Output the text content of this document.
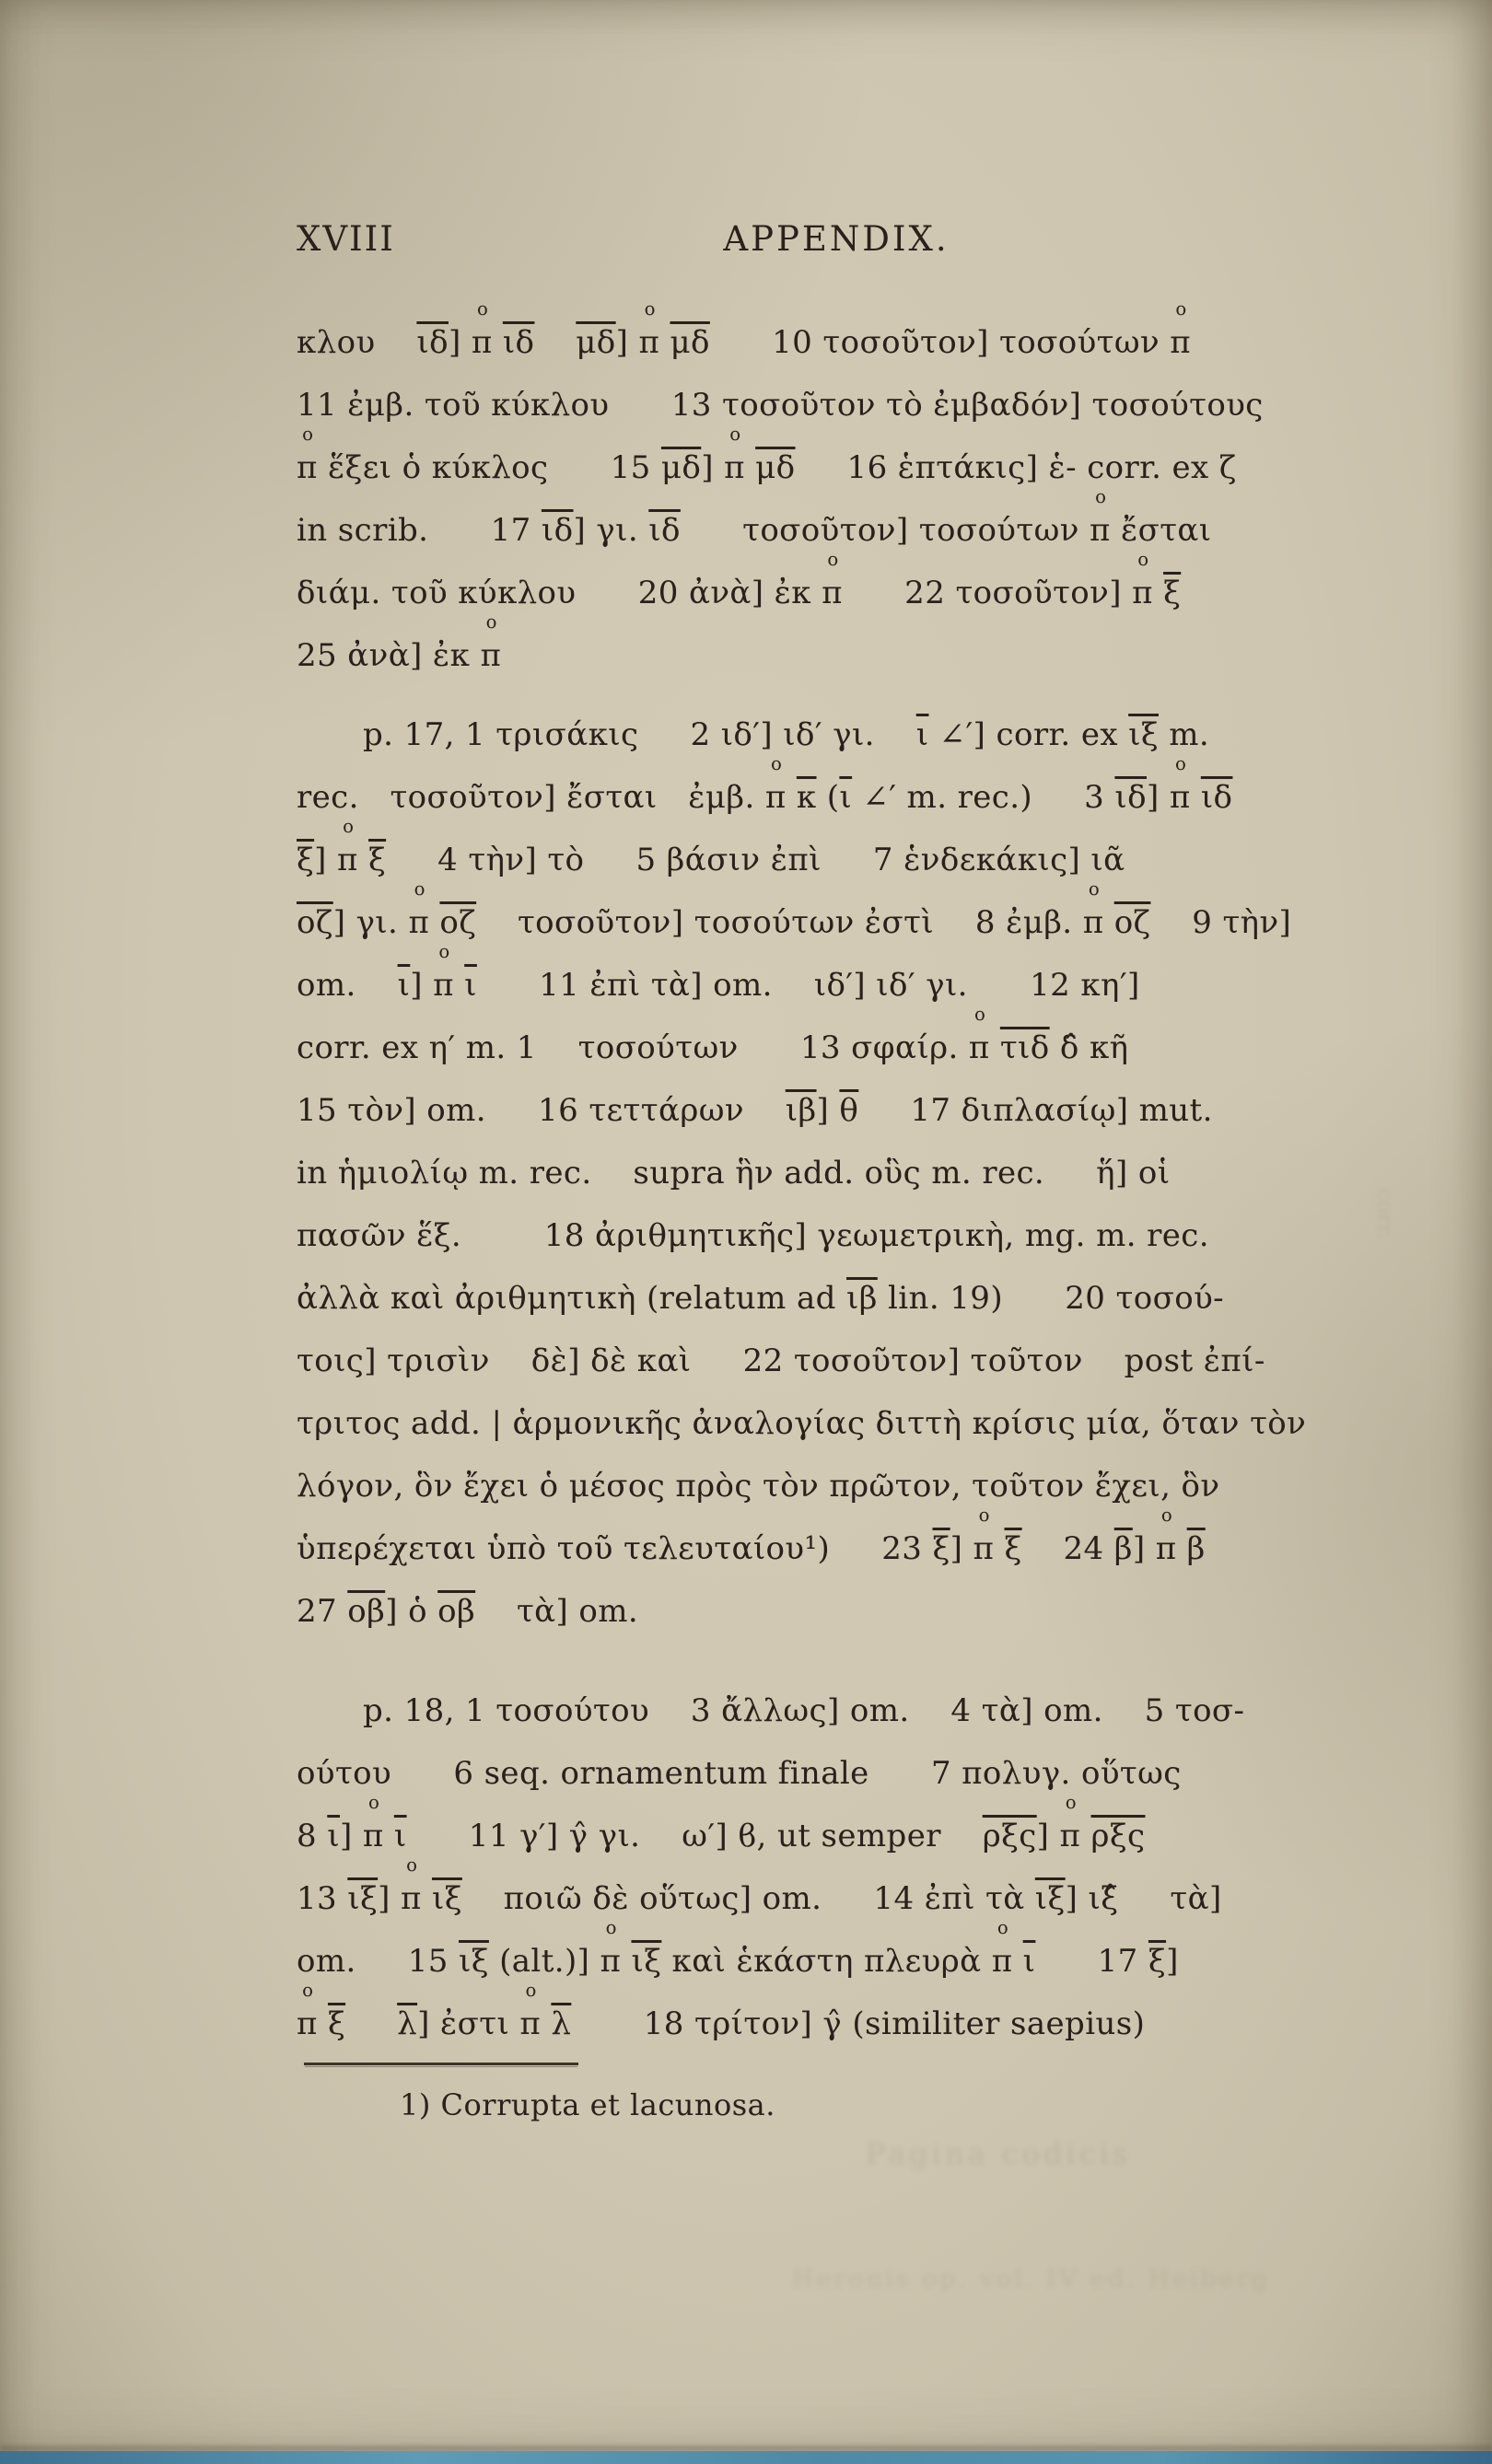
XVIII	APPENDIX.
κλου    $\overline{\iota\delta}$] π
o
$\overline{\iota\delta}$ $\overline{\mu\delta}$] π
o
$\overline{\mu\delta}$      10 τοσοῦτον] τοσούτων π
o
11 ἐμβ. τοῦ κύκλου      13 τοσοῦτον τὸ ἐμβαδόν] τοσούτους
π
o
ἕξει ὁ κύκλος      15 $\overline{\mu\delta}$] π
o
$\overline{\mu\delta}$     16 ἑπτάκις] ἑ- corr. ex ζ
in scrib.      17 $\overline{\iota\delta}$] γι. $\overline{\iota\delta}$      τοσοῦτον] τοσούτων π
o
ἔσται
διάμ. τοῦ κύκλου      20 ἀνὰ] ἐκ π
o
22 τοσοῦτον] π
o
$\overline{\xi}$
25 ἀνὰ] ἐκ π
o
p. 17, 1 τρισάκις     2 ιδ′] ιδ′ γι.    $\overline{\iota}$ ∠′] corr. ex $\overline{\iota\xi}$ m.
rec.   τοσοῦτον] ἔσται   ἐμβ. π
o
$\overline{\kappa}$ ($\overline{\iota}$ ∠′ m. rec.)     3 $\overline{\iota\delta}$] π
o
$\overline{\iota\delta}$
$\overline{\xi}$] π
o
$\overline{\xi}$     4 τὴν] τὸ     5 βάσιν ἐπὶ     7 ἑνδεκάκις] ιᾶ
$\overline{o\zeta}$] γι. π
o
$\overline{o\zeta}$    τοσοῦτον] τοσούτων ἐστὶ    8 ἐμβ. π
o
$\overline{o\zeta}$    9 τὴν]
om.    $\overline{\iota}$] π
o
$\overline{\iota}$      11 ἐπὶ τὰ] om.    ιδ′] ιδ′ γι.      12 κη′]
corr. ex η′ m. 1    τοσούτων      13 σφαίρ. π
o
$\overline{\tau\iota\delta}$ δ̂ κῆ
15 τὸν] om.     16 τεττάρων    $\overline{\iota\beta}$] $\overline{\theta}$     17 διπλασίῳ] mut.
in ἡμιολίῳ m. rec.    supra ἣν add. οὓς m. rec.     ἥ] οἱ
πασῶν ἕξ.        18 ἀριθμητικῆς] γεωμετρικὴ, mg. m. rec.
ἀλλὰ καὶ ἀριθμητικὴ (relatum ad $\overline{\iota\beta}$ lin. 19)      20 τοσού-
τοις] τρισὶν    δὲ] δὲ καὶ     22 τοσοῦτον] τοῦτον    post ἐπί-
τριτος add. | ἁρμονικῆς ἀναλογίας διττὴ κρίσις μία, ὅταν τὸν
λόγον, ὃν ἔχει ὁ μέσος πρὸς τὸν πρῶτον, τοῦτον ἔχει, ὃν
ὑπερέχεται ὑπὸ τοῦ τελευταίου¹)     23 $\overline{\xi}$] π
o
$\overline{\xi}$    24 $\overline{\beta}$] π
o
$\overline{\beta}$
27 $\overline{o\beta}$] ὁ $\overline{o\beta}$    τὰ] om.
p. 18, 1 τοσούτου    3 ἄλλως] om.    4 τὰ] om.    5 τοσ-
ούτου      6 seq. ornamentum finale      7 πολυγ. οὕτως
8 $\overline{\iota}$] π
o
$\overline{\iota}$      11 γ′] γ̂ γι.    ω′] ϐ, ut semper    $\overline{\rho\xi\varsigma}$] π
o
$\overline{\rho\xi\varsigma}$
13 $\overline{\iota\xi}$] π
o
$\overline{\iota\xi}$    ποιῶ δὲ οὕτως] om.     14 ἐπὶ τὰ $\overline{\iota\xi}$] ιξ̂     τὰ]
om.     15 $\overline{\iota\xi}$ (alt.)] π
o
$\overline{\iota\xi}$ καὶ ἑκάστη πλευρὰ π
o
$\overline{\iota}$      17 $\overline{\xi}$]
π
o
$\overline{\xi}$ $\overline{\lambda}$] ἐστι π
o
$\overline{\lambda}$       18 τρίτον] γ̂ (similiter saepius)
1) Corrupta et lacunosa.
Pagina codicis
Heronis op. vol. IV ed. Heiberg
corr.
